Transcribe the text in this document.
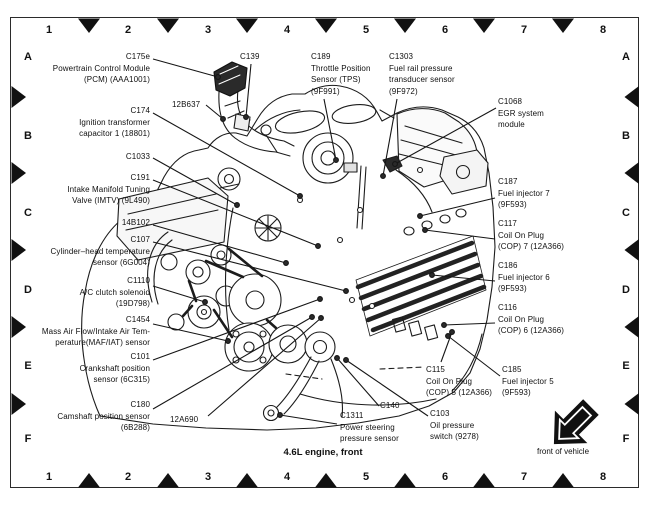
1
1
2
2
3
3
4
4
5
5
6
6
7
7
8
8
A	A
B	B
C	C
D	D
E	E
F	F
C175e
Powertrain Control Module
(PCM) (AAA1001)
C174
Ignition transformer
capacitor 1 (18801)
C1033
C191
Intake Manifold Tuning
Valve (IMTV) (9L490)
14B102
C107
Cylinder–head temperature
sensor (6G004)
C1110
A/C clutch solenoid
(19D798)
C1454
Mass Air Flow/Intake Air Tem-
perature(MAF/IAT) sensor
C101
Crankshaft position
sensor (6C315)
C180
Camshaft position sensor
(6B288)
C139
12B637
C189
Throttle Position
Sensor (TPS)
(9F991)
C1303
Fuel rail pressure
transducer sensor
(9F972)
C1068
EGR system
module
C187
Fuel injector 7
(9F593)
C117
Coil On Plug
(COP) 7 (12A366)
C186
Fuel injector 6
(9F593)
C116
Coil On Plug
(COP) 6 (12A366)
C185
Fuel injector 5
(9F593)
C115
Coil On Plug
(COP) 5 (12A366)
C103
Oil pressure
switch (9278)
C140
C1311
Power steering
pressure sensor
12A690
4.6L engine, front	front of vehicle
